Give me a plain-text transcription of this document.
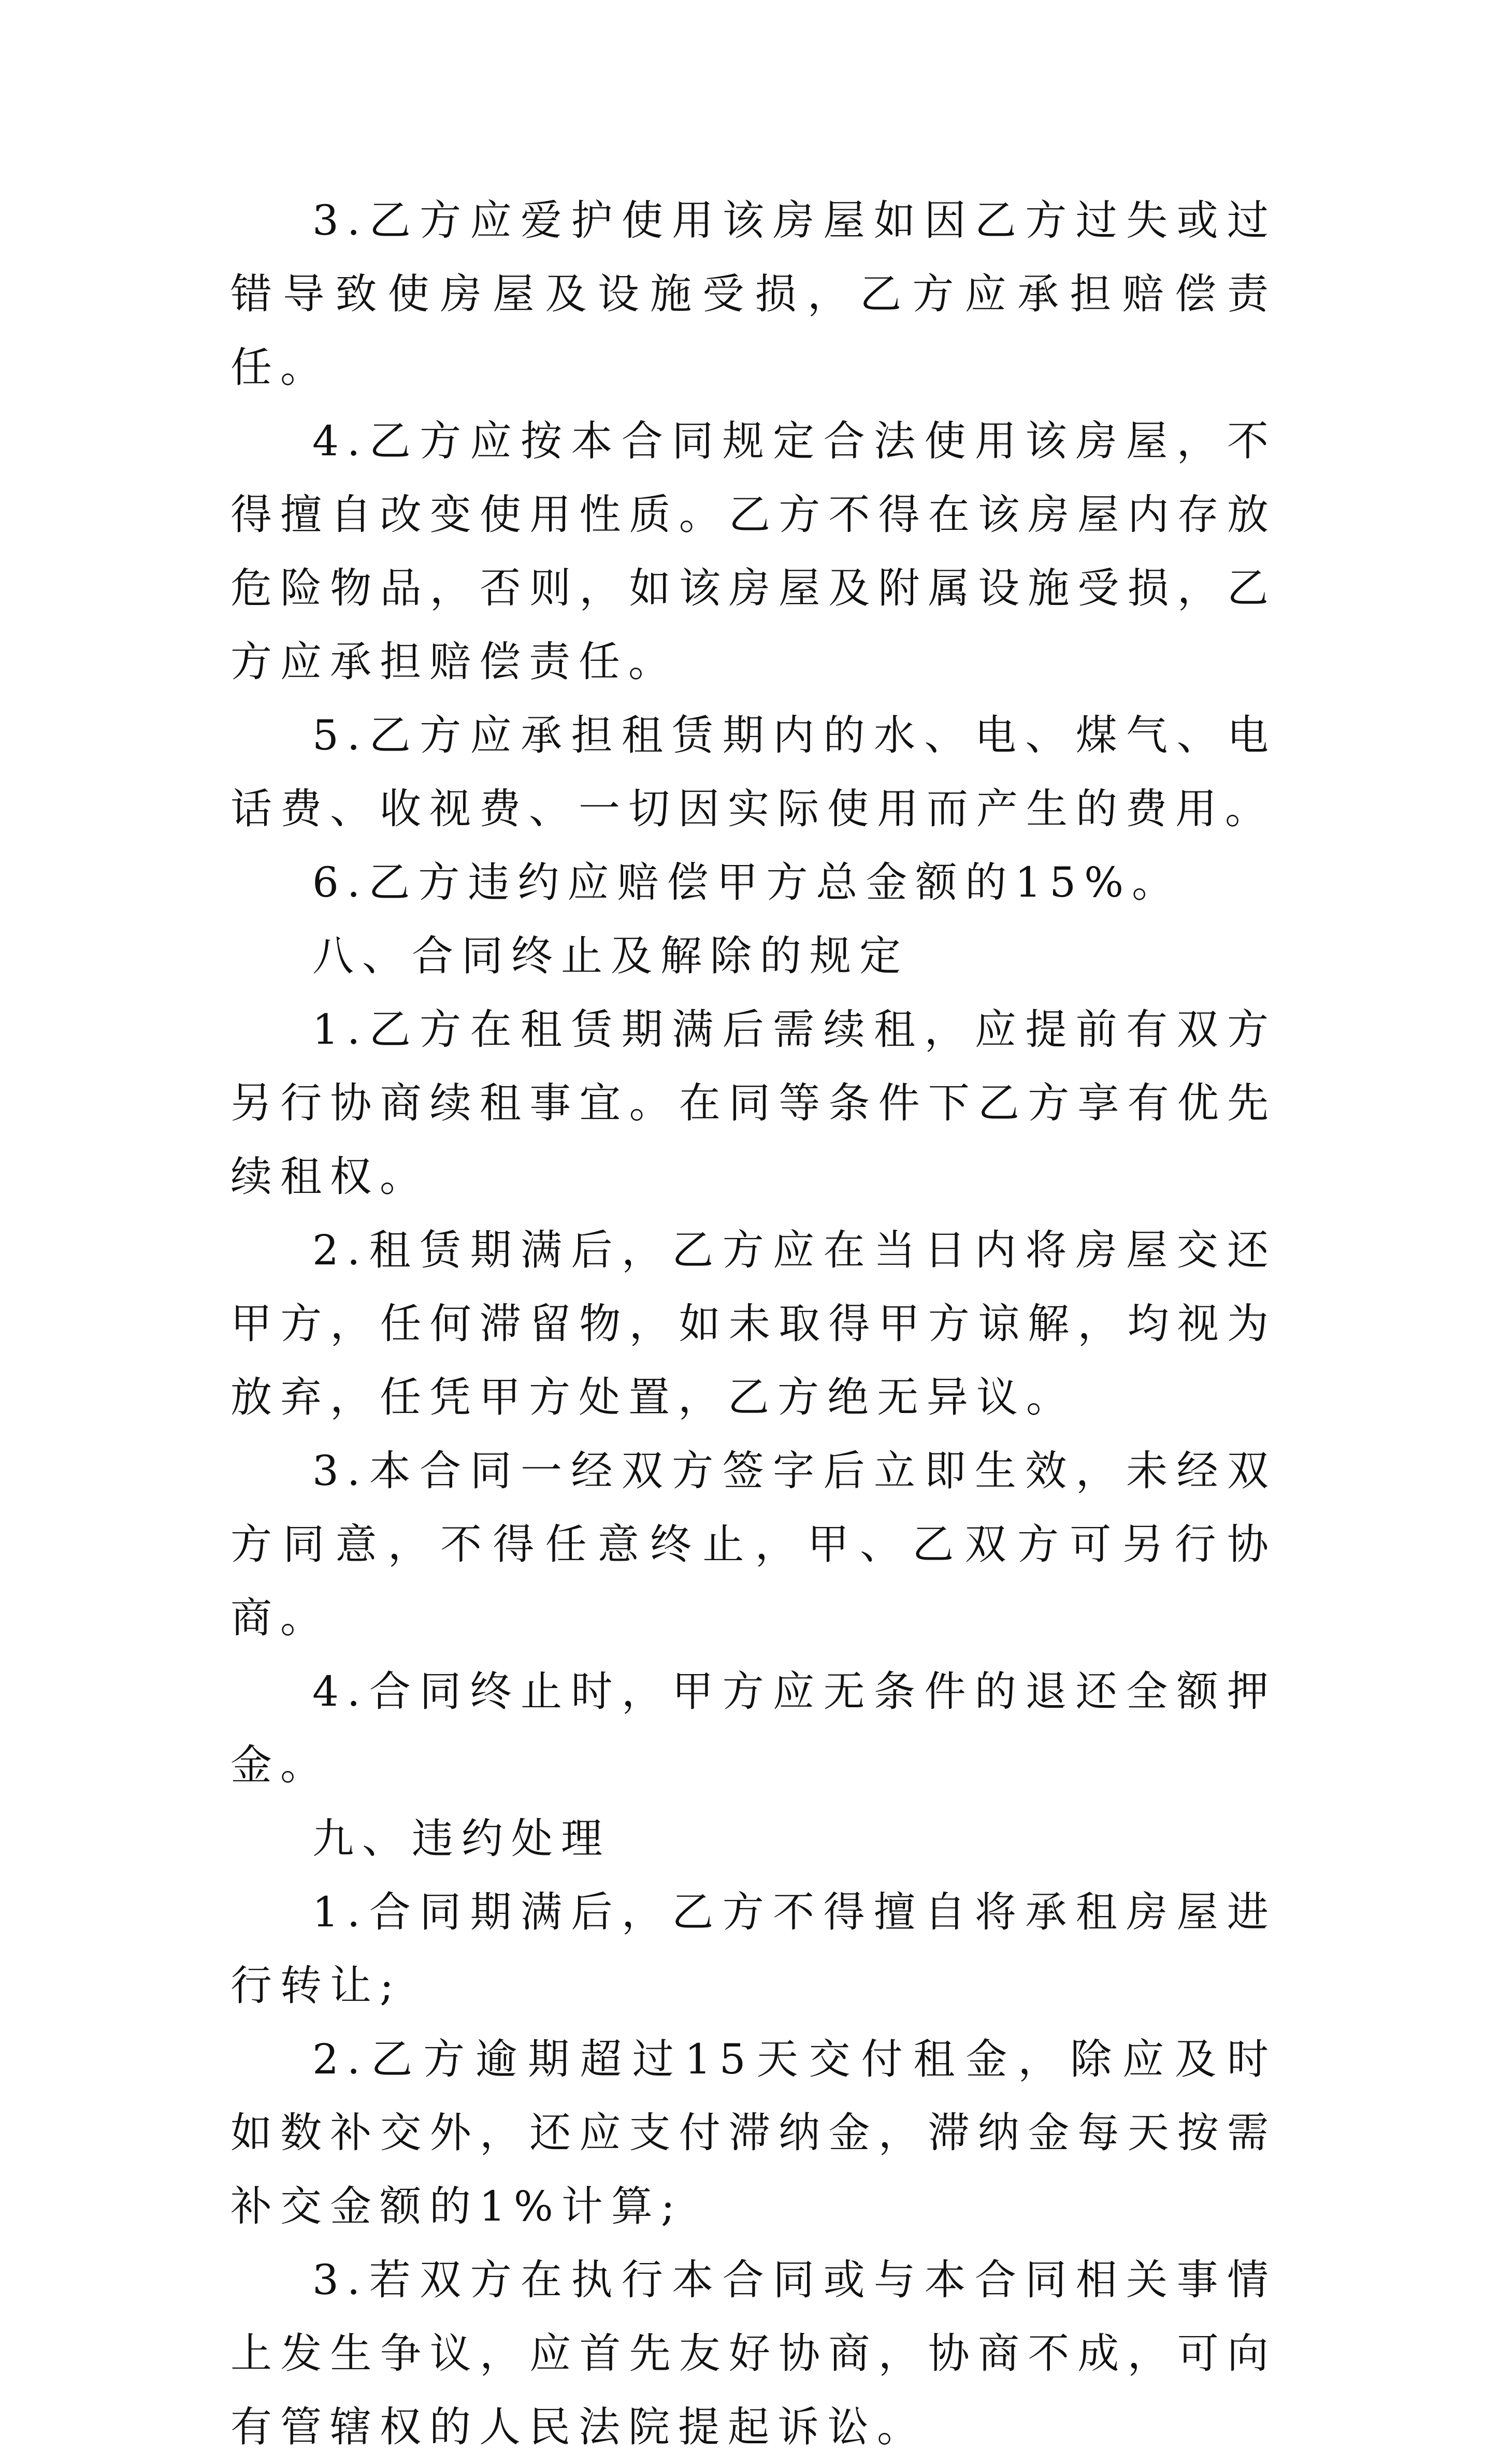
3.乙方应爱护使用该房屋如因乙方过失或过错导致使房屋及设施受损，乙方应承担赔偿责任。

4.乙方应按本合同规定合法使用该房屋，不得擅自改变使用性质。乙方不得在该房屋内存放危险物品，否则，如该房屋及附属设施受损，乙方应承担赔偿责任。

5.乙方应承担租赁期内的水、电、煤气、电话费、收视费、一切因实际使用而产生的费用。

6.乙方违约应赔偿甲方总金额的15%。

八、合同终止及解除的规定

1.乙方在租赁期满后需续租，应提前有双方另行协商续租事宜。在同等条件下乙方享有优先续租权。

2.租赁期满后，乙方应在当日内将房屋交还甲方，任何滞留物，如未取得甲方谅解，均视为放弃，任凭甲方处置，乙方绝无异议。

3.本合同一经双方签字后立即生效，未经双方同意，不得任意终止，甲、乙双方可另行协商。

4.合同终止时，甲方应无条件的退还全额押金。

九、违约处理

1.合同期满后，乙方不得擅自将承租房屋进行转让;

2.乙方逾期超过15天交付租金，除应及时如数补交外，还应支付滞纳金，滞纳金每天按需补交金额的1%计算;

3.若双方在执行本合同或与本合同相关事情上发生争议，应首先友好协商，协商不成，可向有管辖权的人民法院提起诉讼。
